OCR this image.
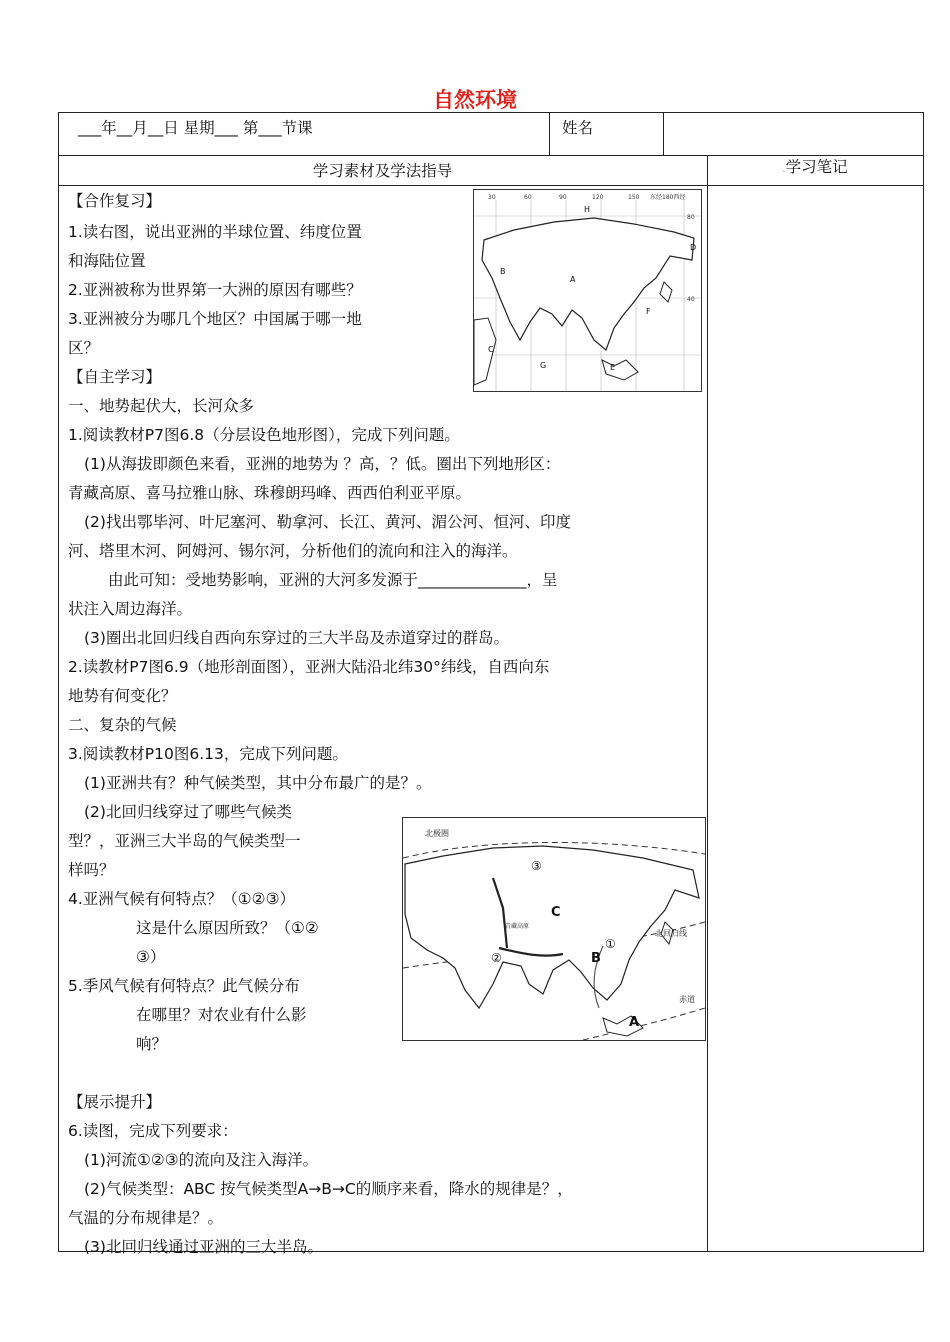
自然环境
___年__月__日 星期___ 第___节课	姓名
学习素材及学法指导	.学习笔记
【合作复习】
1.读右图，说出亚洲的半球位置、纬度位置
和海陆位置
2.亚洲被称为世界第一大洲的原因有哪些？
3.亚洲被分为哪几个地区？中国属于哪一地
区？
【自主学习】
一、地势起伏大，长河众多
1.阅读教材P7图6.8（分层设色地形图），完成下列问题。
(1)从海拔即颜色来看，亚洲的地势为 ？高，？低。圈出下列地形区：
青藏高原、喜马拉雅山脉、珠穆朗玛峰、西西伯利亚平原。
(2)找出鄂毕河、叶尼塞河、勒拿河、长江、黄河、湄公河、恒河、印度
河、塔里木河、阿姆河、锡尔河，分析他们的流向和注入的海洋。
由此可知：受地势影响，亚洲的大河多发源于______________，呈
状注入周边海洋。
(3)圈出北回归线自西向东穿过的三大半岛及赤道穿过的群岛。
2.读教材P7图6.9（地形剖面图），亚洲大陆沿北纬30°纬线，自西向东
地势有何变化？
二、复杂的气候
3.阅读教材P10图6.13，完成下列问题。
(1)亚洲共有？种气候类型，其中分布最广的是？。
(2)北回归线穿过了哪些气候类
型？，亚洲三大半岛的气候类型一
样吗？
4.亚洲气候有何特点？（①②③）
这是什么原因所致？（①②
③）
5.季风气候有何特点？此气候分布
在哪里？对农业有什么影
响？
【展示提升】
6.读图，完成下列要求：
(1)河流①②③的流向及注入海洋。
(2)气候类型：ABC 按气候类型A→B→C的顺序来看，降水的规律是？，
气温的分布规律是？。
(3)北回归线通过亚洲的三大半岛。
30	60	90	120	150 东经180西经
80
40
H
A
B
C
D
F
G	E
北极圈
北回归线
赤道
青藏高原
③
②
①
C
B
A
